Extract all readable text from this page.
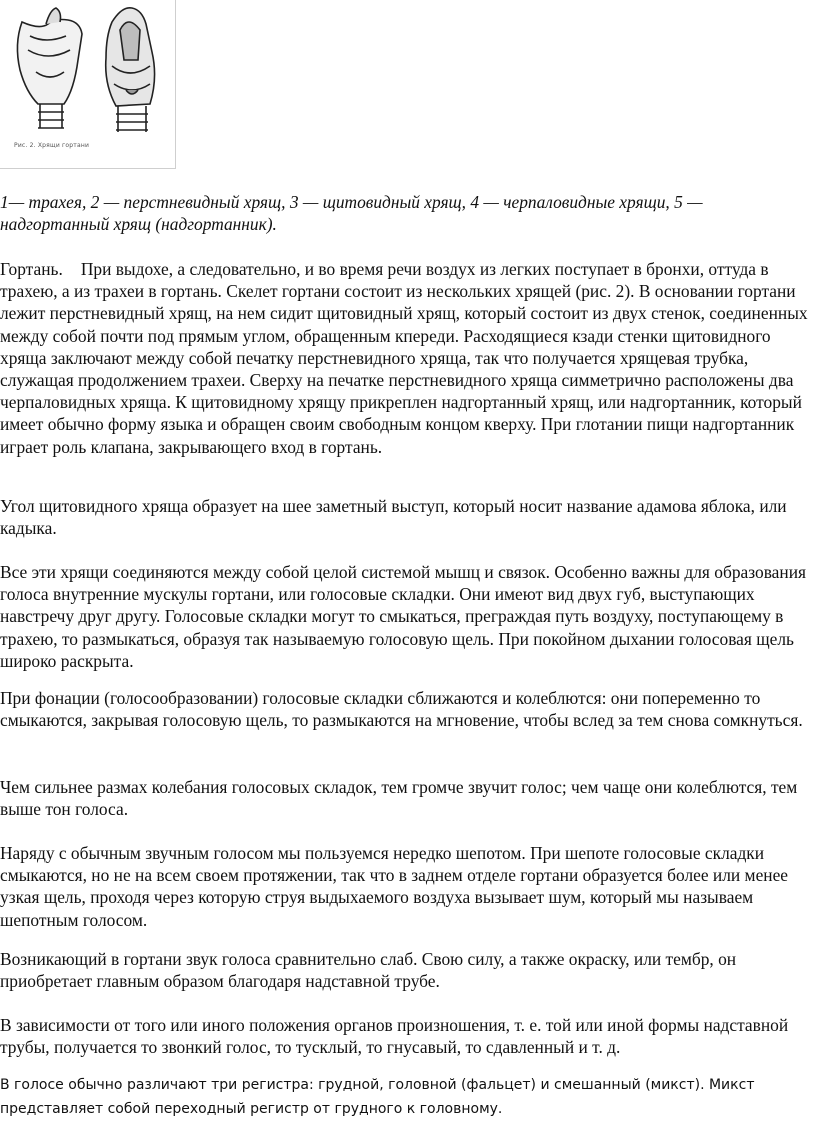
Рис. 2. Хрящи гортани

1— трахея, 2 — перстневидный хрящ, 3 — щитовидный хрящ, 4 — черпаловидные хрящи, 5 — надгортанный хрящ (надгортанник).

Гортань. При выдохе, а следовательно, и во время речи воздух из легких поступает в бронхи, оттуда в трахею, а из трахеи в гортань. Скелет гортани состоит из нескольких хрящей (рис. 2). В основании гортани лежит перстневидный хрящ, на нем сидит щитовидный хрящ, который состоит из двух стенок, соединенных между собой почти под прямым углом, обращенным кпереди. Расходящиеся кзади стенки щитовидного хряща заключают между собой печатку перстневидного хряща, так что получается хрящевая трубка, служащая продолжением трахеи. Сверху на печатке перстневидного хряща симметрично расположены два черпаловидных хряща. К щитовидному хрящу прикреплен надгортанный хрящ, или надгортанник, который имеет обычно форму языка и обращен своим свободным концом кверху. При глотании пищи надгортанник играет роль клапана, закрывающего вход в гортань.

Угол щитовидного хряща образует на шее заметный выступ, который носит название адамова яблока, или кадыка.

Все эти хрящи соединяются между собой целой системой мышц и связок. Особенно важны для образования голоса внутренние мускулы гортани, или голосовые складки. Они имеют вид двух губ, выступающих навстречу друг другу. Голосовые складки могут то смыкаться, преграждая путь воздуху, поступающему в трахею, то размыкаться, образуя так называемую голосовую щель. При покойном дыхании голосовая щель широко раскрыта.

При фонации (голосообразовании) голосовые складки сближаются и колеблются: они попеременно то смыкаются, закрывая голосовую щель, то размыкаются на мгновение, чтобы вслед за тем снова сомкнуться.

Чем сильнее размах колебания голосовых складок, тем громче звучит голос; чем чаще они колеблются, тем выше тон голоса.

Наряду с обычным звучным голосом мы пользуемся нередко шепотом. При шепоте голосовые складки смыкаются, но не на всем своем протяжении, так что в заднем отделе гортани образуется более или менее узкая щель, проходя через которую струя выдыхаемого воздуха вызывает шум, который мы называем шепотным голосом.

Возникающий в гортани звук голоса сравнительно слаб. Свою силу, а также окраску, или тембр, он приобретает главным образом благодаря надставной трубе.

В зависимости от того или иного положения органов произношения, т. е. той или иной формы надставной трубы, получается то звонкий голос, то тусклый, то гнусавый, то сдавленный и т. д.

В голосе обычно различают три регистра: грудной, головной (фальцет) и смешанный (микст). Микст представляет собой переходный регистр от грудного к головному.
